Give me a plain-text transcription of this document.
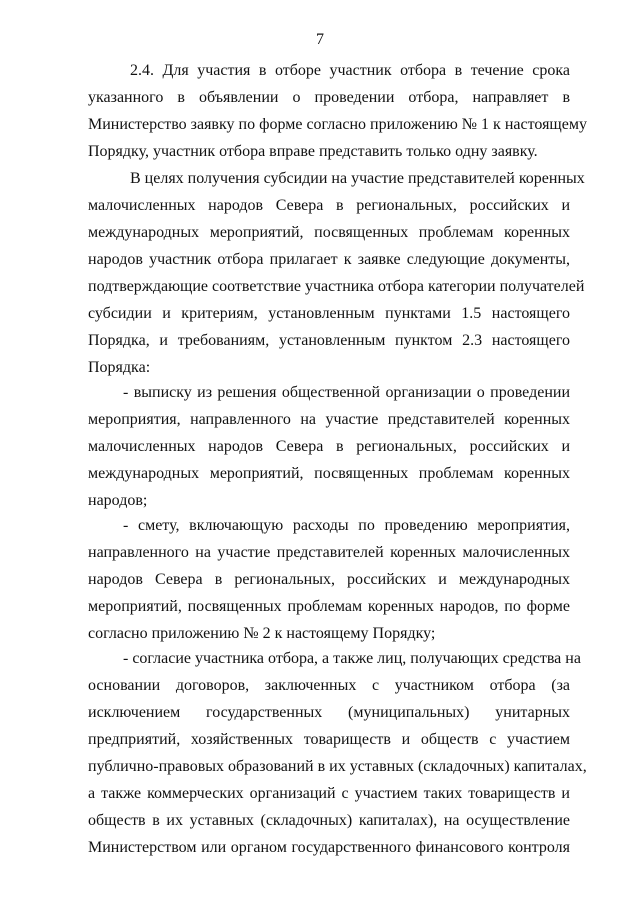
7
2.4. Для участия в отборе участник отбора в течение срока
указанного в объявлении о проведении отбора, направляет в
Министерство заявку по форме согласно приложению № 1 к настоящему
Порядку, участник отбора вправе представить только одну заявку.
В целях получения субсидии на участие представителей коренных
малочисленных народов Севера в региональных, российских и
международных мероприятий, посвященных проблемам коренных
народов участник отбора прилагает к заявке следующие документы,
подтверждающие соответствие участника отбора категории получателей
субсидии и критериям, установленным пунктами 1.5 настоящего
Порядка, и требованиям, установленным пунктом 2.3 настоящего
Порядка:
- выписку из решения общественной организации о проведении
мероприятия, направленного на участие представителей коренных
малочисленных народов Севера в региональных, российских и
международных мероприятий, посвященных проблемам коренных
народов;
- смету, включающую расходы по проведению мероприятия,
направленного на участие представителей коренных малочисленных
народов Севера в региональных, российских и международных
мероприятий, посвященных проблемам коренных народов, по форме
согласно приложению № 2 к настоящему Порядку;
- согласие участника отбора, а также лиц, получающих средства на
основании договоров, заключенных с участником отбора (за
исключением государственных (муниципальных) унитарных
предприятий, хозяйственных товариществ и обществ с участием
публично-правовых образований в их уставных (складочных) капиталах,
а также коммерческих организаций с участием таких товариществ и
обществ в их уставных (складочных) капиталах), на осуществление
Министерством или органом государственного финансового контроля
